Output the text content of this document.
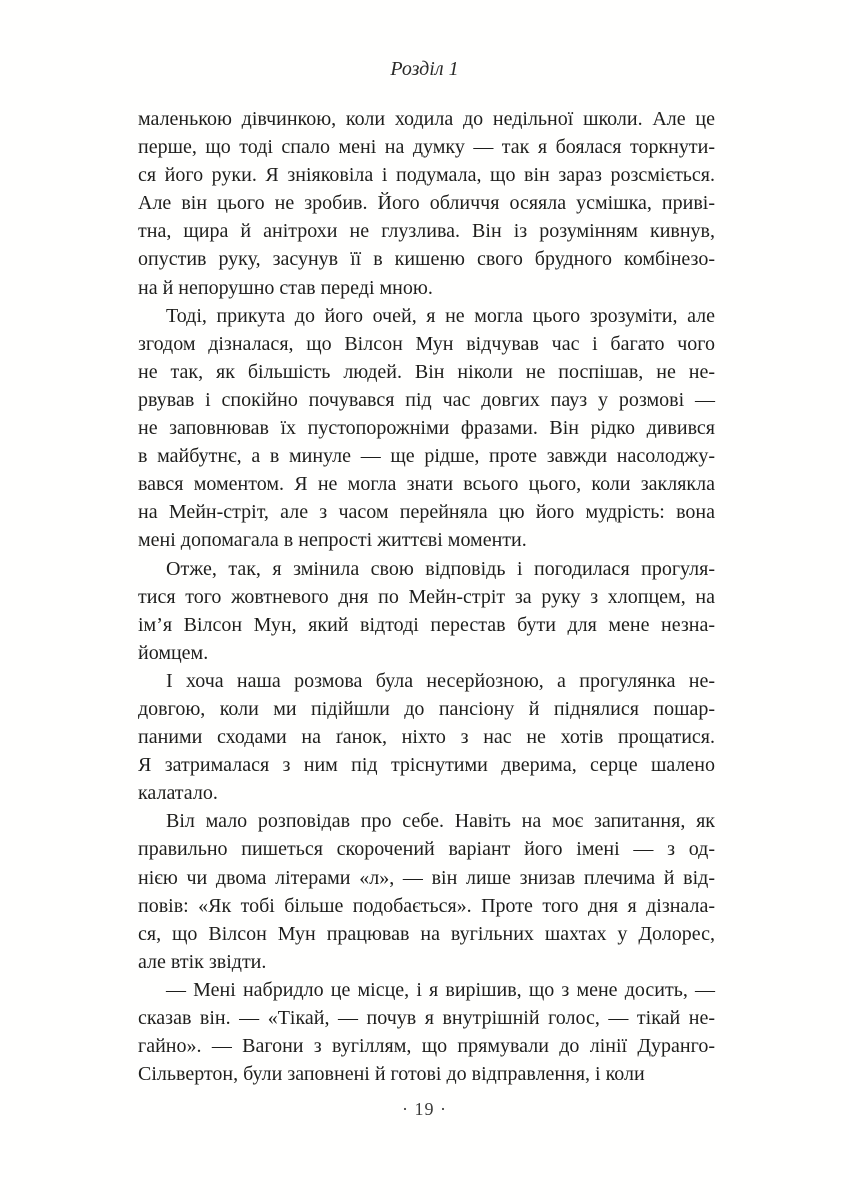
Розділ 1
маленькою дівчинкою, коли ходила до недільної школи. Але це
перше, що тоді спало мені на думку — так я боялася торкнути-
ся його руки. Я зніяковіла і подумала, що він зараз розсміється.
Але він цього не зробив. Його обличчя осяяла усмішка, приві-
тна, щира й анітрохи не глузлива. Він із розумінням кивнув,
опустив руку, засунув її в кишеню свого брудного комбінезо-
на й непорушно став переді мною.
Тоді, прикута до його очей, я не могла цього зрозуміти, але
згодом дізналася, що Вілсон Мун відчував час і багато чого
не так, як більшість людей. Він ніколи не поспішав, не не-
рвував і спокійно почувався під час довгих пауз у розмові —
не заповнював їх пустопорожніми фразами. Він рідко дивився
в майбутнє, а в минуле — ще рідше, проте завжди насолоджу-
вався моментом. Я не могла знати всього цього, коли заклякла
на Мейн-стріт, але з часом перейняла цю його мудрість: вона
мені допомагала в непрості життєві моменти.
Отже, так, я змінила свою відповідь і погодилася прогуля-
тися того жовтневого дня по Мейн-стріт за руку з хлопцем, на
ім’я Вілсон Мун, який відтоді перестав бути для мене незна-
йомцем.
І хоча наша розмова була несерйозною, а прогулянка не-
довгою, коли ми підійшли до пансіону й піднялися пошар-
паними сходами на ґанок, ніхто з нас не хотів прощатися.
Я затрималася з ним під тріснутими дверима, серце шалено
калатало.
Віл мало розповідав про себе. Навіть на моє запитання, як
правильно пишеться скорочений варіант його імені — з од-
нією чи двома літерами «л», — він лише знизав плечима й від-
повів: «Як тобі більше подобається». Проте того дня я дізнала-
ся, що Вілсон Мун працював на вугільних шахтах у Долорес,
але втік звідти.
— Мені набридло це місце, і я вирішив, що з мене досить, —
сказав він. — «Тікай, — почув я внутрішній голос, — тікай не-
гайно». — Вагони з вугіллям, що прямували до лінії Дуранго-
Сільвертон, були заповнені й готові до відправлення, і коли
· 19 ·
